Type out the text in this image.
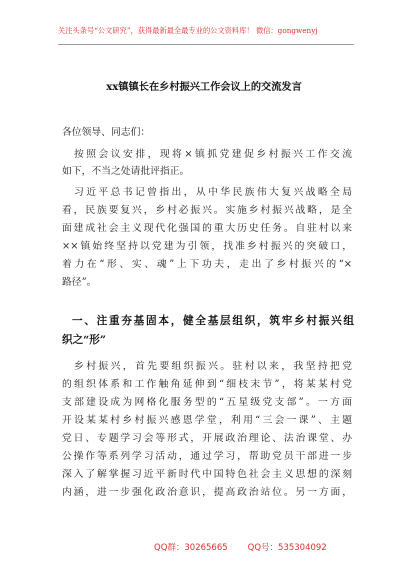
关注头条号“公文研究”，获得最新最全最专业的公文资料库！ 微信：gongwenyj
xx镇镇长在乡村振兴工作会议上的交流发言
各位领导、同志们：
按照会议安排，现将×镇抓党建促乡村振兴工作交流
如下，不当之处请批评指正。
习近平总书记曾指出，从中华民族伟大复兴战略全局
看，民族要复兴，乡村必振兴。实施乡村振兴战略，是全
面建成社会主义现代化强国的重大历史任务。自驻村以来
××镇始终坚持以党建为引领，找准乡村振兴的突破口，
着力在“形、实、魂”上下功夫，走出了乡村振兴的“×
路径”。
一、注重夯基固本，健全基层组织，筑牢乡村振兴组
织之“形”
乡村振兴，首先要组织振兴。驻村以来，我坚持把党
的组织体系和工作触角延伸到“细枝末节”，将某某村党
支部建设成为网格化服务型的“五星级党支部”。一方面
开设某某村乡村振兴感恩学堂，利用“三会一课”、主题
党日、专题学习会等形式，开展政治理论、法治课堂、办
公操作等系列学习活动，通过学习，帮助党员干部进一步
深入了解掌握习近平新时代中国特色社会主义思想的深刻
内涵，进一步强化政治意识，提高政治站位。另一方面，
QQ群：30265665 QQ号：535304092
